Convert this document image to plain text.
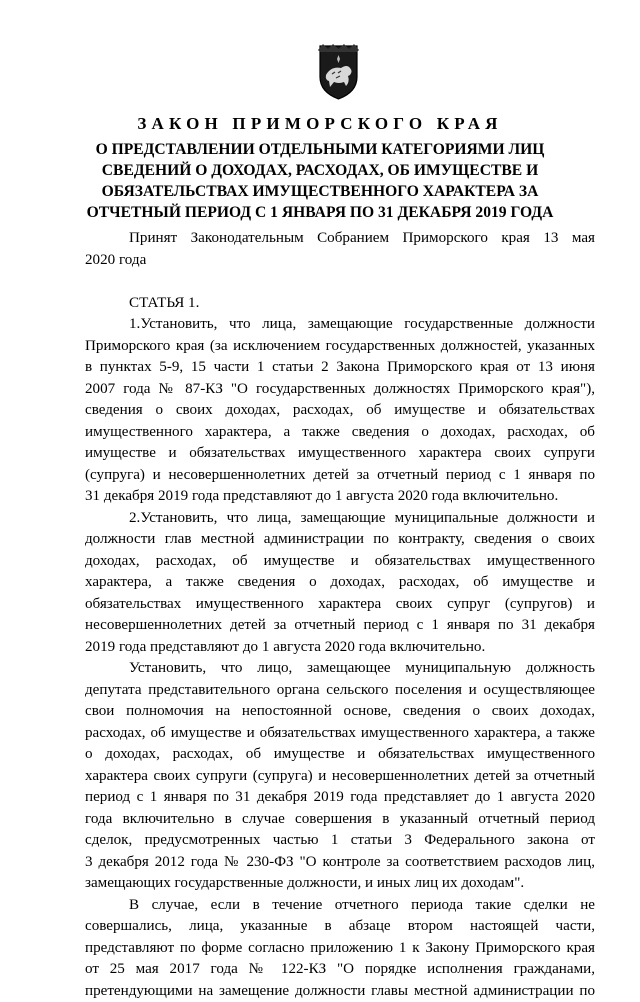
ЗАКОН ПРИМОРСКОГО КРАЯ
О ПРЕДСТАВЛЕНИИ ОТДЕЛЬНЫМИ КАТЕГОРИЯМИ ЛИЦ
СВЕДЕНИЙ О ДОХОДАХ, РАСХОДАХ, ОБ ИМУЩЕСТВЕ И
ОБЯЗАТЕЛЬСТВАХ ИМУЩЕСТВЕННОГО ХАРАКТЕРА ЗА
ОТЧЕТНЫЙ ПЕРИОД С 1 ЯНВАРЯ ПО 31 ДЕКАБРЯ 2019 ГОДА
Принят Законодательным Собранием Приморского края 13 мая
2020 года
СТАТЬЯ 1.
1.Установить, что лица, замещающие государственные должности
Приморского края (за исключением государственных должностей, указанных
в пунктах 5-9, 15 части 1 статьи 2 Закона Приморского края от 13 июня
2007 года № 87-КЗ "О государственных должностях Приморского края"),
сведения о своих доходах, расходах, об имуществе и обязательствах
имущественного характера, а также сведения о доходах, расходах, об
имуществе и обязательствах имущественного характера своих супруги
(супруга) и несовершеннолетних детей за отчетный период с 1 января по
31 декабря 2019 года представляют до 1 августа 2020 года включительно.
2.Установить, что лица, замещающие муниципальные должности и
должности глав местной администрации по контракту, сведения о своих
доходах, расходах, об имуществе и обязательствах имущественного
характера, а также сведения о доходах, расходах, об имуществе и
обязательствах имущественного характера своих супруг (супругов) и
несовершеннолетних детей за отчетный период с 1 января по 31 декабря
2019 года представляют до 1 августа 2020 года включительно.
Установить, что лицо, замещающее муниципальную должность
депутата представительного органа сельского поселения и осуществляющее
свои полномочия на непостоянной основе, сведения о своих доходах,
расходах, об имуществе и обязательствах имущественного характера, а также
о доходах, расходах, об имуществе и обязательствах имущественного
характера своих супруги (супруга) и несовершеннолетних детей за отчетный
период с 1 января по 31 декабря 2019 года представляет до 1 августа 2020
года включительно в случае совершения в указанный отчетный период
сделок, предусмотренных частью 1 статьи 3 Федерального закона от
3 декабря 2012 года № 230-ФЗ "О контроле за соответствием расходов лиц,
замещающих государственные должности, и иных лиц их доходам".
В случае, если в течение отчетного периода такие сделки не
совершались, лица, указанные в абзаце втором настоящей части,
представляют по форме согласно приложению 1 к Закону Приморского края
от 25 мая 2017 года № 122-КЗ "О порядке исполнения гражданами,
претендующими на замещение должности главы местной администрации по
